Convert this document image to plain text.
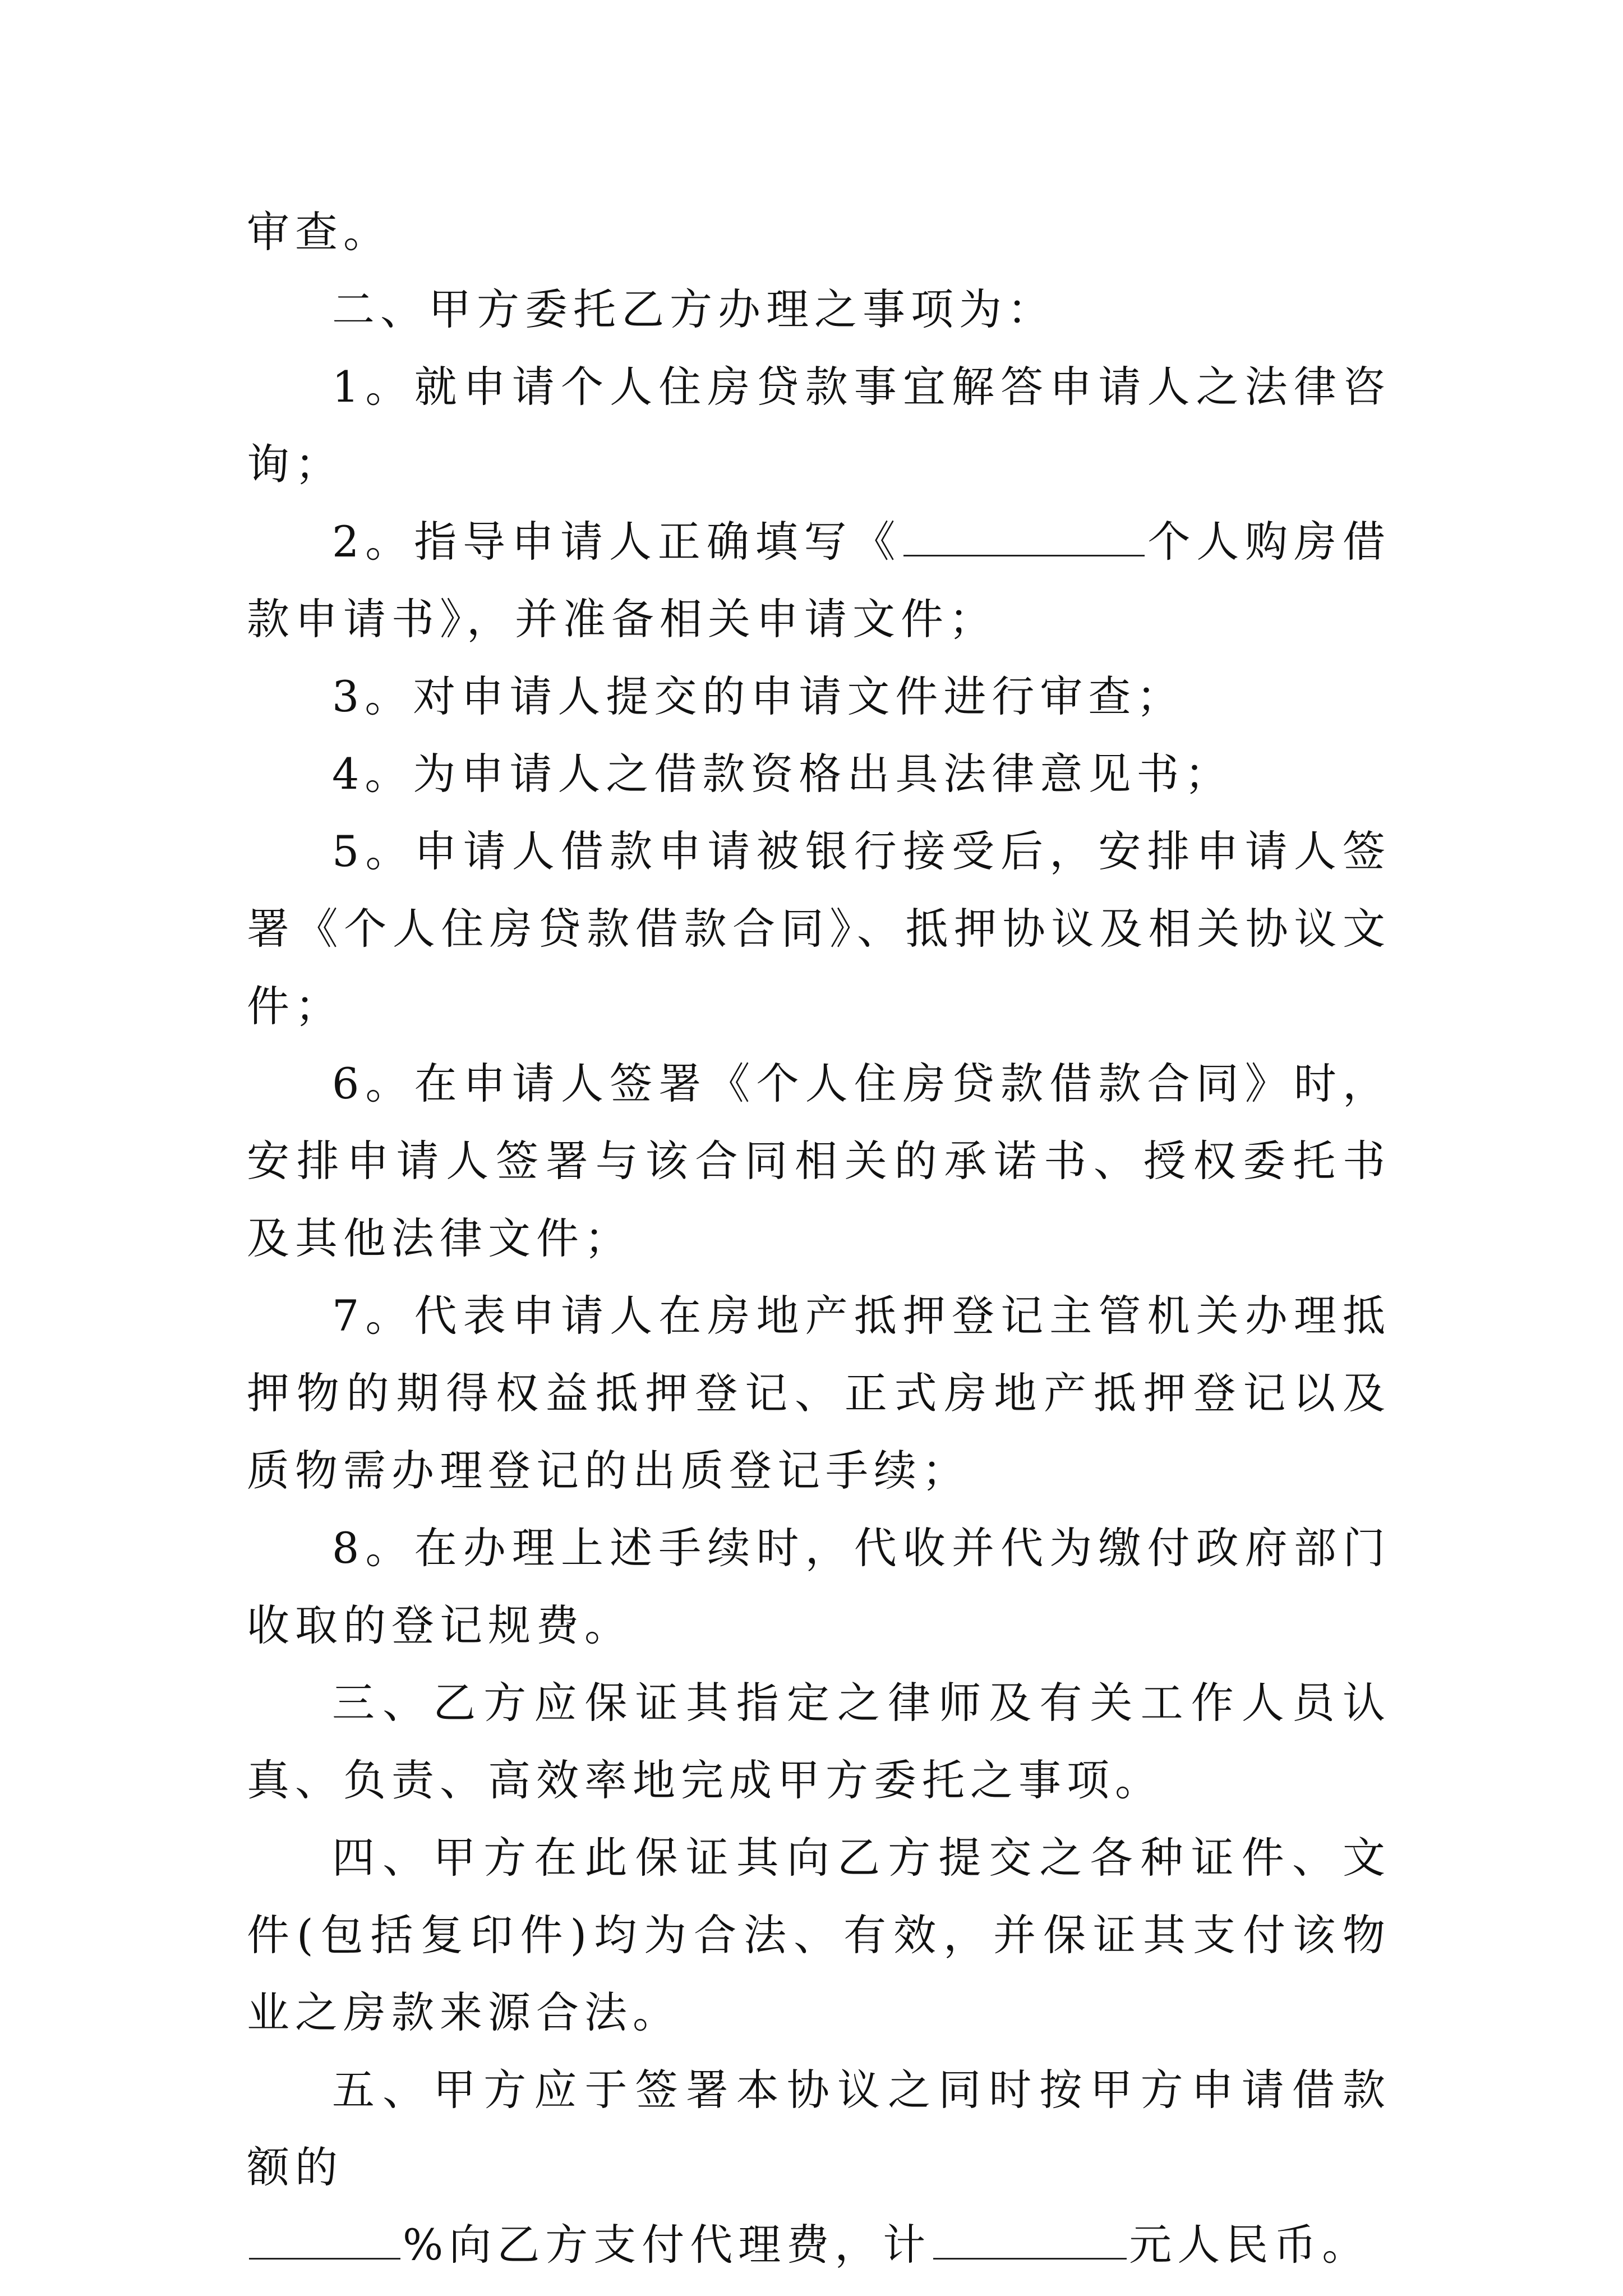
审查。

二、甲方委托乙方办理之事项为：

1。就申请个人住房贷款事宜解答申请人之法律咨询；

2。指导申请人正确填写《	个人购房借款申请书》，并准备相关申请文件；

3。对申请人提交的申请文件进行审查；

4。为申请人之借款资格出具法律意见书；

5。申请人借款申请被银行接受后，安排申请人签署《个人住房贷款借款合同》、抵押协议及相关协议文件；

6。在申请人签署《个人住房贷款借款合同》时，安排申请人签署与该合同相关的承诺书、授权委托书及其他法律文件；

7。代表申请人在房地产抵押登记主管机关办理抵押物的期得权益抵押登记、正式房地产抵押登记以及质物需办理登记的出质登记手续；

8。在办理上述手续时，代收并代为缴付政府部门收取的登记规费。

三、乙方应保证其指定之律师及有关工作人员认真、负责、高效率地完成甲方委托之事项。

四、甲方在此保证其向乙方提交之各种证件、文件(包括复印件)均为合法、有效，并保证其支付该物业之房款来源合法。

五、甲方应于签署本协议之同时按甲方申请借款额的

%向乙方支付代理费，计	元人民币。
